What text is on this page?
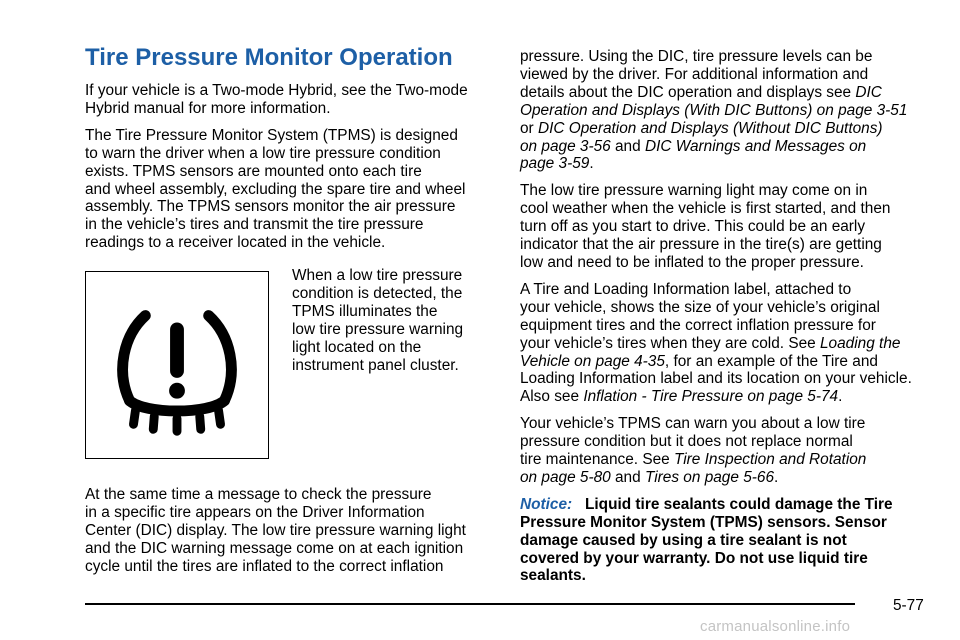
Tire Pressure Monitor Operation

If your vehicle is a Two-mode Hybrid, see the Two-mode
Hybrid manual for more information.

The Tire Pressure Monitor System (TPMS) is designed
to warn the driver when a low tire pressure condition
exists. TPMS sensors are mounted onto each tire
and wheel assembly, excluding the spare tire and wheel
assembly. The TPMS sensors monitor the air pressure
in the vehicle’s tires and transmit the tire pressure
readings to a receiver located in the vehicle.

When a low tire pressure
condition is detected, the
TPMS illuminates the
low tire pressure warning
light located on the
instrument panel cluster.
At the same time a message to check the pressure
in a specific tire appears on the Driver Information
Center (DIC) display. The low tire pressure warning light
and the DIC warning message come on at each ignition
cycle until the tires are inflated to the correct inflation

pressure. Using the DIC, tire pressure levels can be
viewed by the driver. For additional information and
details about the DIC operation and displays see DIC
Operation and Displays (With DIC Buttons) on page 3-51
or DIC Operation and Displays (Without DIC Buttons)
on page 3-56 and DIC Warnings and Messages on
page 3-59.

The low tire pressure warning light may come on in
cool weather when the vehicle is first started, and then
turn off as you start to drive. This could be an early
indicator that the air pressure in the tire(s) are getting
low and need to be inflated to the proper pressure.

A Tire and Loading Information label, attached to
your vehicle, shows the size of your vehicle’s original
equipment tires and the correct inflation pressure for
your vehicle’s tires when they are cold. See Loading the
Vehicle on page 4-35, for an example of the Tire and
Loading Information label and its location on your vehicle.
Also see Inflation - Tire Pressure on page 5-74.

Your vehicle’s TPMS can warn you about a low tire
pressure condition but it does not replace normal
tire maintenance. See Tire Inspection and Rotation
on page 5-80 and Tires on page 5-66.

Notice: Liquid tire sealants could damage the Tire
Pressure Monitor System (TPMS) sensors. Sensor
damage caused by using a tire sealant is not
covered by your warranty. Do not use liquid tire
sealants.

5-77
carmanualsonline.info
